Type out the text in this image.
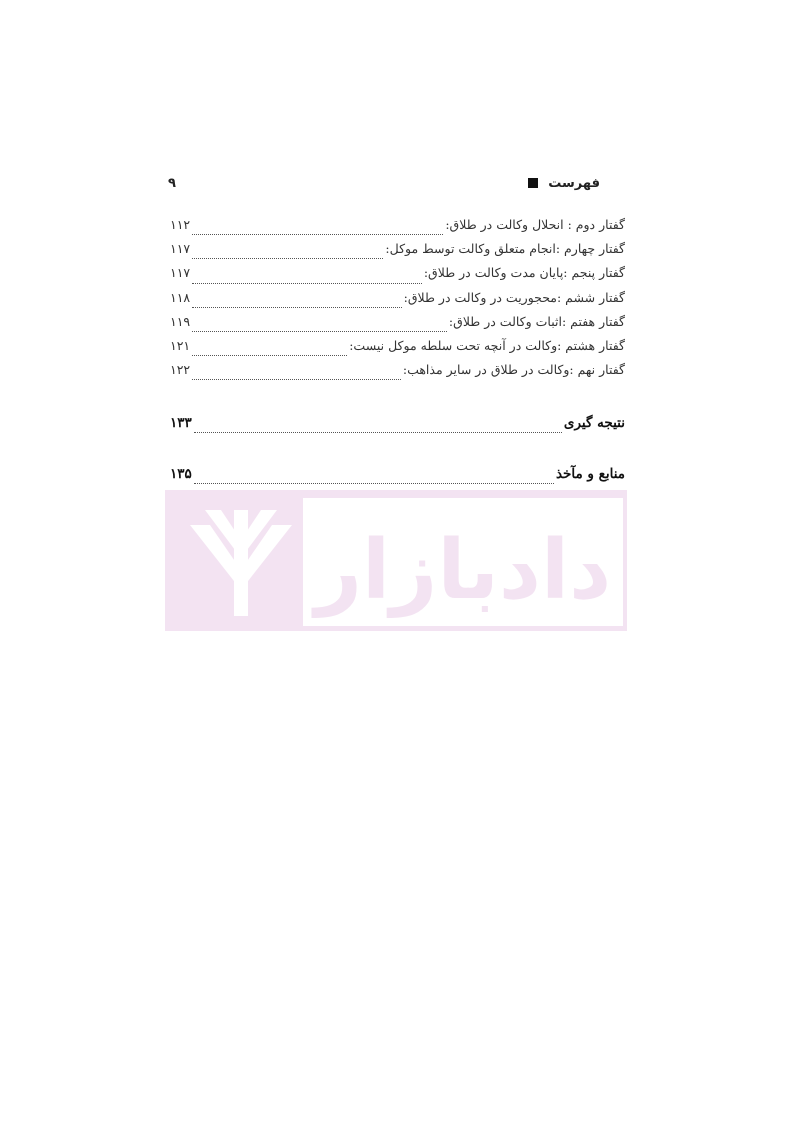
۹	فهرست
گفتار دوم : انحلال وکالت در طلاق:
۱۱۲
گفتار چهارم :انجام متعلق وکالت توسط موکل:
۱۱۷
گفتار پنجم :پایان مدت وکالت در طلاق:
۱۱۷
گفتار ششم :محجوریت در وکالت در طلاق:
۱۱۸
گفتار هفتم :اثبات وکالت در طلاق:
۱۱۹
گفتار هشتم :وکالت در آنچه تحت سلطه موکل نیست:
۱۲۱
گفتار نهم :وکالت در طلاق در سایر مذاهب:
۱۲۲
نتیجه گیری
۱۳۳
منابع و مآخذ
۱۳۵
دادبازار
